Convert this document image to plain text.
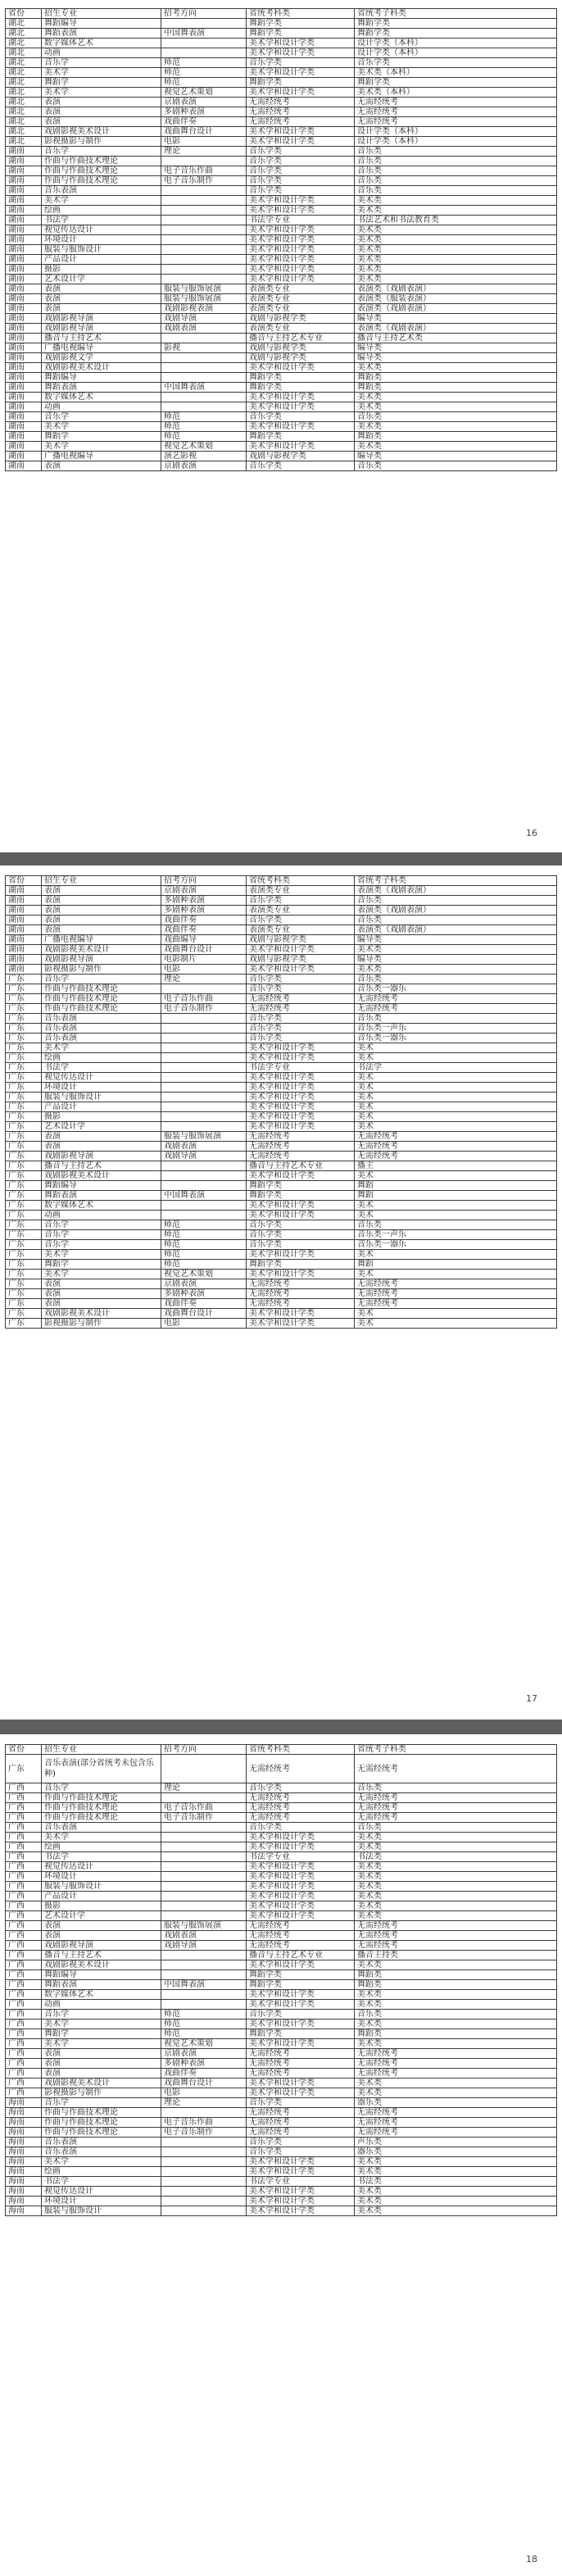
省份	招生专业	招考方向	省统考科类	省统考子科类
湖北	舞蹈编导		舞蹈学类	舞蹈学类
湖北	舞蹈表演	中国舞表演	舞蹈学类	舞蹈学类
湖北	数字媒体艺术		美术学和设计学类	设计学类（本科）
湖北	动画		美术学和设计学类	设计学类（本科）
湖北	音乐学	师范	音乐学类	音乐学类
湖北	美术学	师范	美术学和设计学类	美术类（本科）
湖北	舞蹈学	师范	舞蹈学类	舞蹈学类
湖北	美术学	视觉艺术策划	美术学和设计学类	美术类（本科）
湖北	表演	京剧表演	无需经统考	无需经统考
湖北	表演	多剧种表演	无需经统考	无需经统考
湖北	表演	戏曲伴奏	无需经统考	无需经统考
湖北	戏剧影视美术设计	戏曲舞台设计	美术学和设计学类	设计学类（本科）
湖北	影视摄影与制作	电影	美术学和设计学类	设计学类（本科）
湖南	音乐学	理论	音乐学类	音乐类
湖南	作曲与作曲技术理论		音乐学类	音乐类
湖南	作曲与作曲技术理论	电子音乐作曲	音乐学类	音乐类
湖南	作曲与作曲技术理论	电子音乐制作	音乐学类	音乐类
湖南	音乐表演		音乐学类	音乐类
湖南	美术学		美术学和设计学类	美术类
湖南	绘画		美术学和设计学类	美术类
湖南	书法学		书法学专业	书法艺术和书法教育类
湖南	视觉传达设计		美术学和设计学类	美术类
湖南	环境设计		美术学和设计学类	美术类
湖南	服装与服饰设计		美术学和设计学类	美术类
湖南	产品设计		美术学和设计学类	美术类
湖南	摄影		美术学和设计学类	美术类
湖南	艺术设计学		美术学和设计学类	美术类
湖南	表演	服装与服饰展演	表演类专业	表演类（戏剧表演）
湖南	表演	服装与服饰展演	表演类专业	表演类（服装表演）
湖南	表演	戏剧影视表演	表演类专业	表演类（戏剧表演）
湖南	戏剧影视导演	戏剧导演	戏剧与影视学类	编导类
湖南	戏剧影视导演	戏剧表演	表演类专业	表演类（戏剧表演）
湖南	播音与主持艺术		播音与主持艺术专业	播音与主持艺术类
湖南	广播电视编导	影视	戏剧与影视学类	编导类
湖南	戏剧影视文学		戏剧与影视学类	编导类
湖南	戏剧影视美术设计		美术学和设计学类	美术类
湖南	舞蹈编导		舞蹈学类	舞蹈类
湖南	舞蹈表演	中国舞表演	舞蹈学类	舞蹈类
湖南	数字媒体艺术		美术学和设计学类	美术类
湖南	动画		美术学和设计学类	美术类
湖南	音乐学	师范	音乐学类	音乐类
湖南	美术学	师范	美术学和设计学类	美术类
湖南	舞蹈学	师范	舞蹈学类	舞蹈类
湖南	美术学	视觉艺术策划	美术学和设计学类	美术类
湖南	广播电视编导	演艺影视	戏剧与影视学类	编导类
湖南	表演	京剧表演	音乐学类	音乐类
16
省份	招生专业	招考方向	省统考科类	省统考子科类
湖南	表演	京剧表演	表演类专业	表演类（戏剧表演）
湖南	表演	多剧种表演	音乐学类	音乐类
湖南	表演	多剧种表演	表演类专业	表演类（戏剧表演）
湖南	表演	戏曲伴奏	音乐学类	音乐类
湖南	表演	戏曲伴奏	表演类专业	表演类（戏剧表演）
湖南	广播电视编导	戏曲编导	戏剧与影视学类	编导类
湖南	戏剧影视美术设计	戏曲舞台设计	美术学和设计学类	美术类
湖南	戏剧影视导演	电影制片	戏剧与影视学类	编导类
湖南	影视摄影与制作	电影	美术学和设计学类	美术类
广东	音乐学	理论	音乐学类	音乐类
广东	作曲与作曲技术理论		音乐学类	音乐类一器乐
广东	作曲与作曲技术理论	电子音乐作曲	无需经统考	无需经统考
广东	作曲与作曲技术理论	电子音乐制作	无需经统考	无需经统考
广东	音乐表演		音乐学类	音乐类
广东	音乐表演		音乐学类	音乐类一声乐
广东	音乐表演		音乐学类	音乐类一器乐
广东	美术学		美术学和设计学类	美术
广东	绘画		美术学和设计学类	美术
广东	书法学		书法学专业	书法学
广东	视觉传达设计		美术学和设计学类	美术
广东	环境设计		美术学和设计学类	美术
广东	服装与服饰设计		美术学和设计学类	美术
广东	产品设计		美术学和设计学类	美术
广东	摄影		美术学和设计学类	美术
广东	艺术设计学		美术学和设计学类	美术
广东	表演	服装与服饰展演	无需经统考	无需经统考
广东	表演	戏剧表演	无需经统考	无需经统考
广东	戏剧影视导演	戏剧导演	无需经统考	无需经统考
广东	播音与主持艺术		播音与主持艺术专业	播主
广东	戏剧影视美术设计		美术学和设计学类	美术
广东	舞蹈编导		舞蹈学类	舞蹈
广东	舞蹈表演	中国舞表演	舞蹈学类	舞蹈
广东	数字媒体艺术		美术学和设计学类	美术
广东	动画		美术学和设计学类	美术
广东	音乐学	师范	音乐学类	音乐类
广东	音乐学	师范	音乐学类	音乐类一声乐
广东	音乐学	师范	音乐学类	音乐类一器乐
广东	美术学	师范	美术学和设计学类	美术
广东	舞蹈学	师范	舞蹈学类	舞蹈
广东	美术学	视觉艺术策划	美术学和设计学类	美术
广东	表演	京剧表演	无需经统考	无需经统考
广东	表演	多剧种表演	无需经统考	无需经统考
广东	表演	戏曲伴奏	无需经统考	无需经统考
广东	戏剧影视美术设计	戏曲舞台设计	美术学和设计学类	美术
广东	影视摄影与制作	电影	美术学和设计学类	美术
17
省份	招生专业	招考方向	省统考科类	省统考子科类
广东	音乐表演(部分省统考未包含乐种)		无需经统考	无需经统考
广西	音乐学	理论	音乐学类	音乐类
广西	作曲与作曲技术理论		无需经统考	无需经统考
广西	作曲与作曲技术理论	电子音乐作曲	无需经统考	无需经统考
广西	作曲与作曲技术理论	电子音乐制作	无需经统考	无需经统考
广西	音乐表演		音乐学类	音乐类
广西	美术学		美术学和设计学类	美术类
广西	绘画		美术学和设计学类	美术类
广西	书法学		书法学专业	书法类
广西	视觉传达设计		美术学和设计学类	美术类
广西	环境设计		美术学和设计学类	美术类
广西	服装与服饰设计		美术学和设计学类	美术类
广西	产品设计		美术学和设计学类	美术类
广西	摄影		美术学和设计学类	美术类
广西	艺术设计学		美术学和设计学类	美术类
广西	表演	服装与服饰展演	无需经统考	无需经统考
广西	表演	戏剧表演	无需经统考	无需经统考
广西	戏剧影视导演	戏剧导演	无需经统考	无需经统考
广西	播音与主持艺术		播音与主持艺术专业	播音主持类
广西	戏剧影视美术设计		美术学和设计学类	美术类
广西	舞蹈编导		舞蹈学类	舞蹈类
广西	舞蹈表演	中国舞表演	舞蹈学类	舞蹈类
广西	数字媒体艺术		美术学和设计学类	美术类
广西	动画		美术学和设计学类	美术类
广西	音乐学	师范	音乐学类	音乐类
广西	美术学	师范	美术学和设计学类	美术类
广西	舞蹈学	师范	舞蹈学类	舞蹈类
广西	美术学	视觉艺术策划	美术学和设计学类	美术类
广西	表演	京剧表演	无需经统考	无需经统考
广西	表演	多剧种表演	无需经统考	无需经统考
广西	表演	戏曲伴奏	无需经统考	无需经统考
广西	戏剧影视美术设计	戏曲舞台设计	美术学和设计学类	美术类
广西	影视摄影与制作	电影	美术学和设计学类	美术类
海南	音乐学	理论	音乐学类	器乐类
海南	作曲与作曲技术理论		无需经统考	无需经统考
海南	作曲与作曲技术理论	电子音乐作曲	无需经统考	无需经统考
海南	作曲与作曲技术理论	电子音乐制作	无需经统考	无需经统考
海南	音乐表演		音乐学类	声乐类
海南	音乐表演		音乐学类	器乐类
海南	美术学		美术学和设计学类	美术类
海南	绘画		美术学和设计学类	美术类
海南	书法学		书法学专业	书法类
海南	视觉传达设计		美术学和设计学类	美术类
海南	环境设计		美术学和设计学类	美术类
海南	服装与服饰设计		美术学和设计学类	美术类
18
